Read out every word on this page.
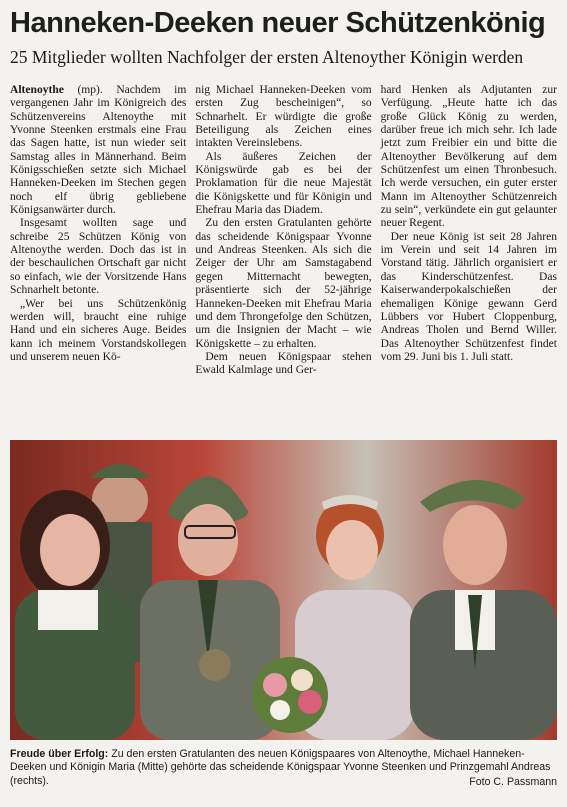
Hanneken-Deeken neuer Schützenkönig
25 Mitglieder wollten Nachfolger der ersten Altenoyther Königin werden

Altenoythe (mp). Nachdem im vergangenen Jahr im Königreich des Schützenvereins Altenoythe mit Yvonne Steenken erstmals eine Frau das Sagen hatte, ist nun wieder seit Samstag alles in Männerhand. Beim Königsschießen setzte sich Michael Hanneken-Deeken im Stechen gegen noch elf übrig gebliebene Königsanwärter durch.

Insgesamt wollten sage und schreibe 25 Schützen König von Altenoythe werden. Doch das ist in der beschaulichen Ortschaft gar nicht so einfach, wie der Vorsitzende Hans Schnarhelt betonte.

„Wer bei uns Schützenkönig werden will, braucht eine ruhige Hand und ein sicheres Auge. Beides kann ich meinem Vorstandskollegen und unserem neuen Kö-

nig Michael Hanneken-Deeken vom ersten Zug bescheinigen“, so Schnarhelt. Er würdigte die große Beteiligung als Zeichen eines intakten Vereinslebens.

Als äußeres Zeichen der Königswürde gab es bei der Proklamation für die neue Majestät die Königskette und für Königin und Ehefrau Maria das Diadem.

Zu den ersten Gratulanten gehörte das scheidende Königspaar Yvonne und Andreas Steenken. Als sich die Zeiger der Uhr am Samstagabend gegen Mitternacht bewegten, präsentierte sich der 52-jährige Hanneken-Deeken mit Ehefrau Maria und dem Throngefolge den Schützen, um die Insignien der Macht – wie Königskette – zu erhalten.

Dem neuen Königspaar stehen Ewald Kalmlage und Ger-

hard Henken als Adjutanten zur Verfügung. „Heute hatte ich das große Glück König zu werden, darüber freue ich mich sehr. Ich lade jetzt zum Freibier ein und bitte die Altenoyther Bevölkerung auf dem Schützenfest um einen Thronbesuch. Ich werde versuchen, ein guter erster Mann im Altenoyther Schützenreich zu sein“, verkündete ein gut gelaunter neuer Regent.

Der neue König ist seit 28 Jahren im Verein und seit 14 Jahren im Vorstand tätig. Jährlich organisiert er das Kinderschützenfest. Das Kaiserwanderpokalschießen der ehemaligen Könige gewann Gerd Lübbers vor Hubert Cloppenburg, Andreas Tholen und Bernd Willer. Das Altenoyther Schützenfest findet vom 29. Juni bis 1. Juli statt.

Freude über Erfolg: Zu den ersten Gratulanten des neuen Königspaares von Altenoythe, Michael Hanneken-Deeken und Königin Maria (Mitte) gehörte das scheidende Königspaar Yvonne Steenken und Prinzgemahl Andreas (rechts).	Foto C. Passmann
